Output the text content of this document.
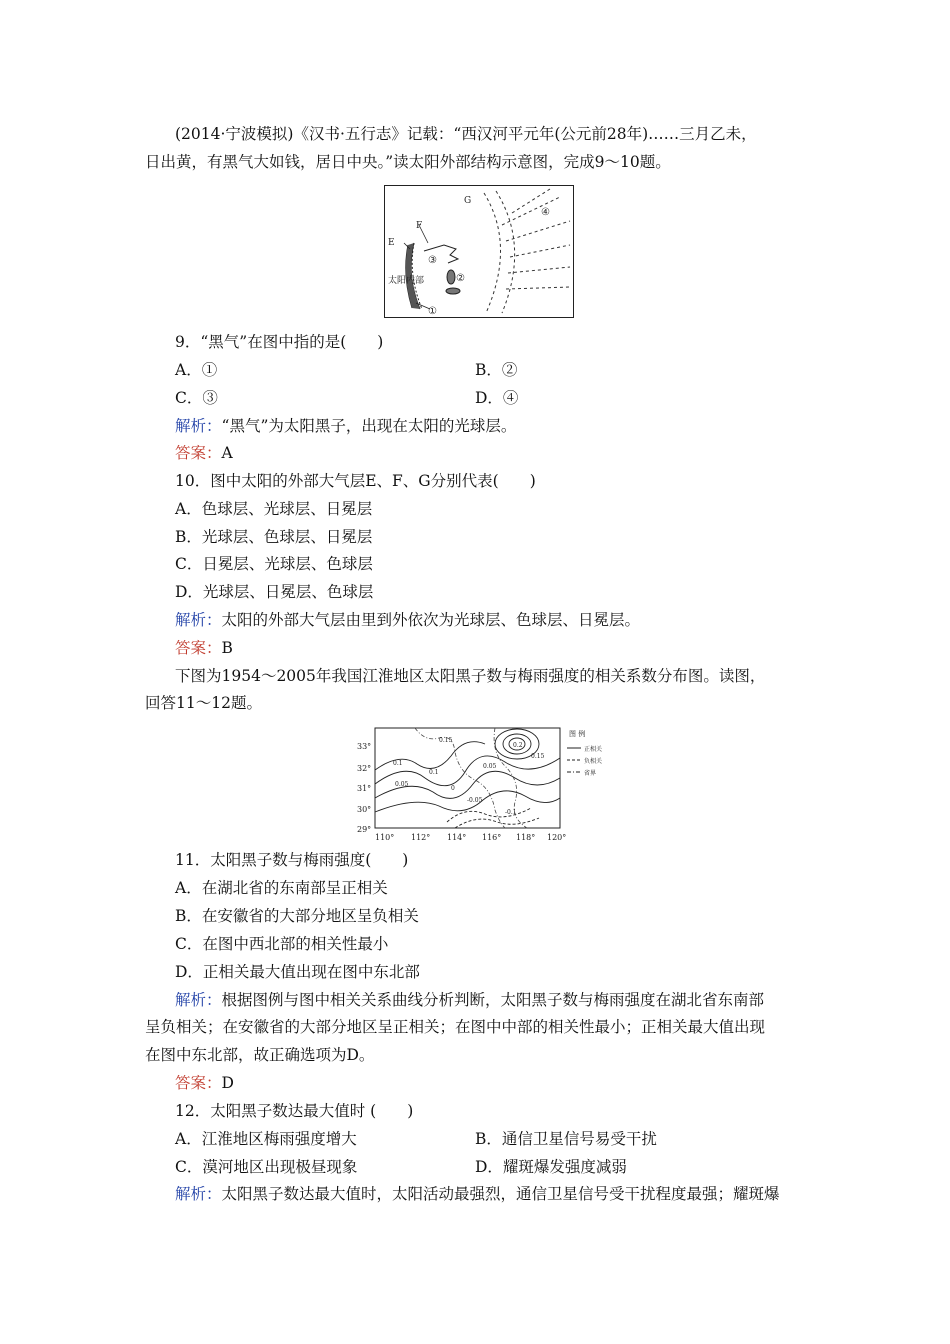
(2014·宁波模拟)《汉书·五行志》记载：“西汉河平元年(公元前28年)……三月乙未，
日出黄，有黑气大如钱，居日中央。”读太阳外部结构示意图，完成9～10题。
G
F
E
太阳内部
③
②
④
①
9．“黑气”在图中指的是(　　)
A．①	B．②
C．③	D．④
解析：“黑气”为太阳黑子，出现在太阳的光球层。
答案：A
10．图中太阳的外部大气层E、F、G分别代表(　　)
A．色球层、光球层、日冕层
B．光球层、色球层、日冕层
C．日冕层、光球层、色球层
D．光球层、日冕层、色球层
解析：太阳的外部大气层由里到外依次为光球层、色球层、日冕层。
答案：B
下图为1954～2005年我国江淮地区太阳黑子数与梅雨强度的相关系数分布图。读图，
回答11～12题。
33°
32°
31°
30°
29°
110° 112° 114° 116° 118° 120°
0.15
0.1
0.05
0.1
0.05
-0.05
-0.1
0
0.15
0.2
图 例
正相关
负相关
省界
11．太阳黑子数与梅雨强度(　　)
A．在湖北省的东南部呈正相关
B．在安徽省的大部分地区呈负相关
C．在图中西北部的相关性最小
D．正相关最大值出现在图中东北部
解析：根据图例与图中相关关系曲线分析判断，太阳黑子数与梅雨强度在湖北省东南部
呈负相关；在安徽省的大部分地区呈正相关；在图中中部的相关性最小；正相关最大值出现
在图中东北部，故正确选项为D。
答案：D
12．太阳黑子数达最大值时 (　　)
A．江淮地区梅雨强度增大	B．通信卫星信号易受干扰
C．漠河地区出现极昼现象	D．耀斑爆发强度减弱
解析：太阳黑子数达最大值时，太阳活动最强烈，通信卫星信号受干扰程度最强；耀斑爆
